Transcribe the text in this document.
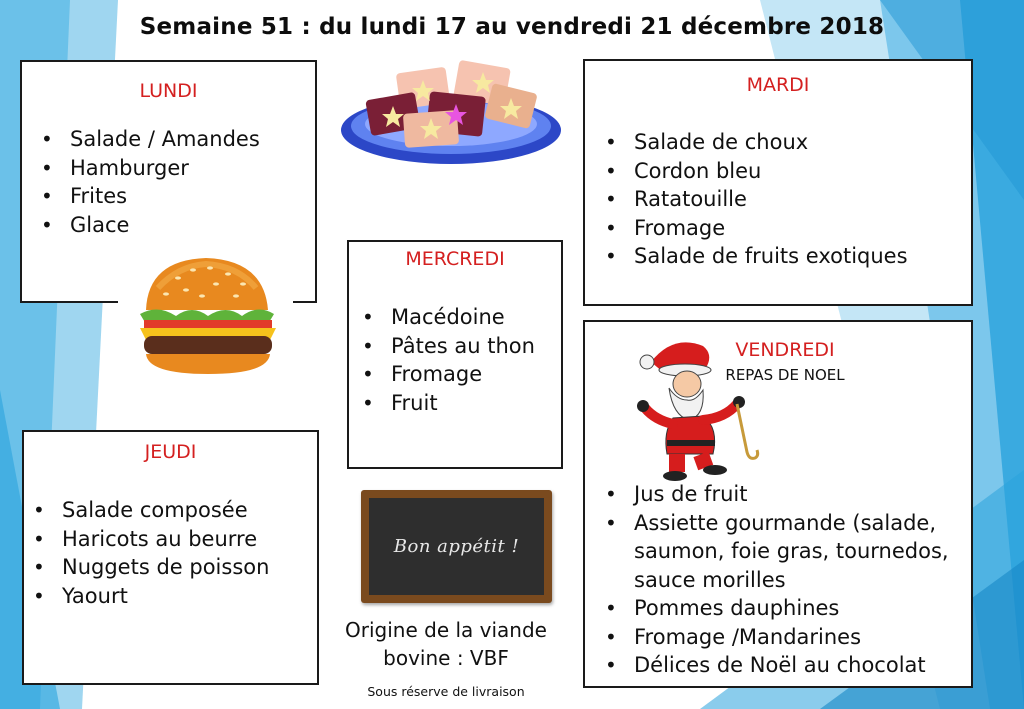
Semaine 51 : du lundi 17 au vendredi 21 décembre 2018
LUNDI
• Salade / Amandes
• Hamburger
• Frites
• Glace
MARDI
• Salade de choux
• Cordon bleu
• Ratatouille
• Fromage
• Salade de fruits exotiques
MERCREDI
• Macédoine
• Pâtes au thon
• Fromage
• Fruit
JEUDI
• Salade composée
• Haricots au beurre
• Nuggets de poisson
• Yaourt
Bon appétit !
Origine de la viande
bovine : VBF
Sous réserve de livraison
VENDREDI
REPAS DE NOEL
• Jus de fruit
• Assiette gourmande (salade, saumon, foie gras, tournedos, sauce morilles
• Pommes dauphines
• Fromage /Mandarines
• Délices de Noël au chocolat
